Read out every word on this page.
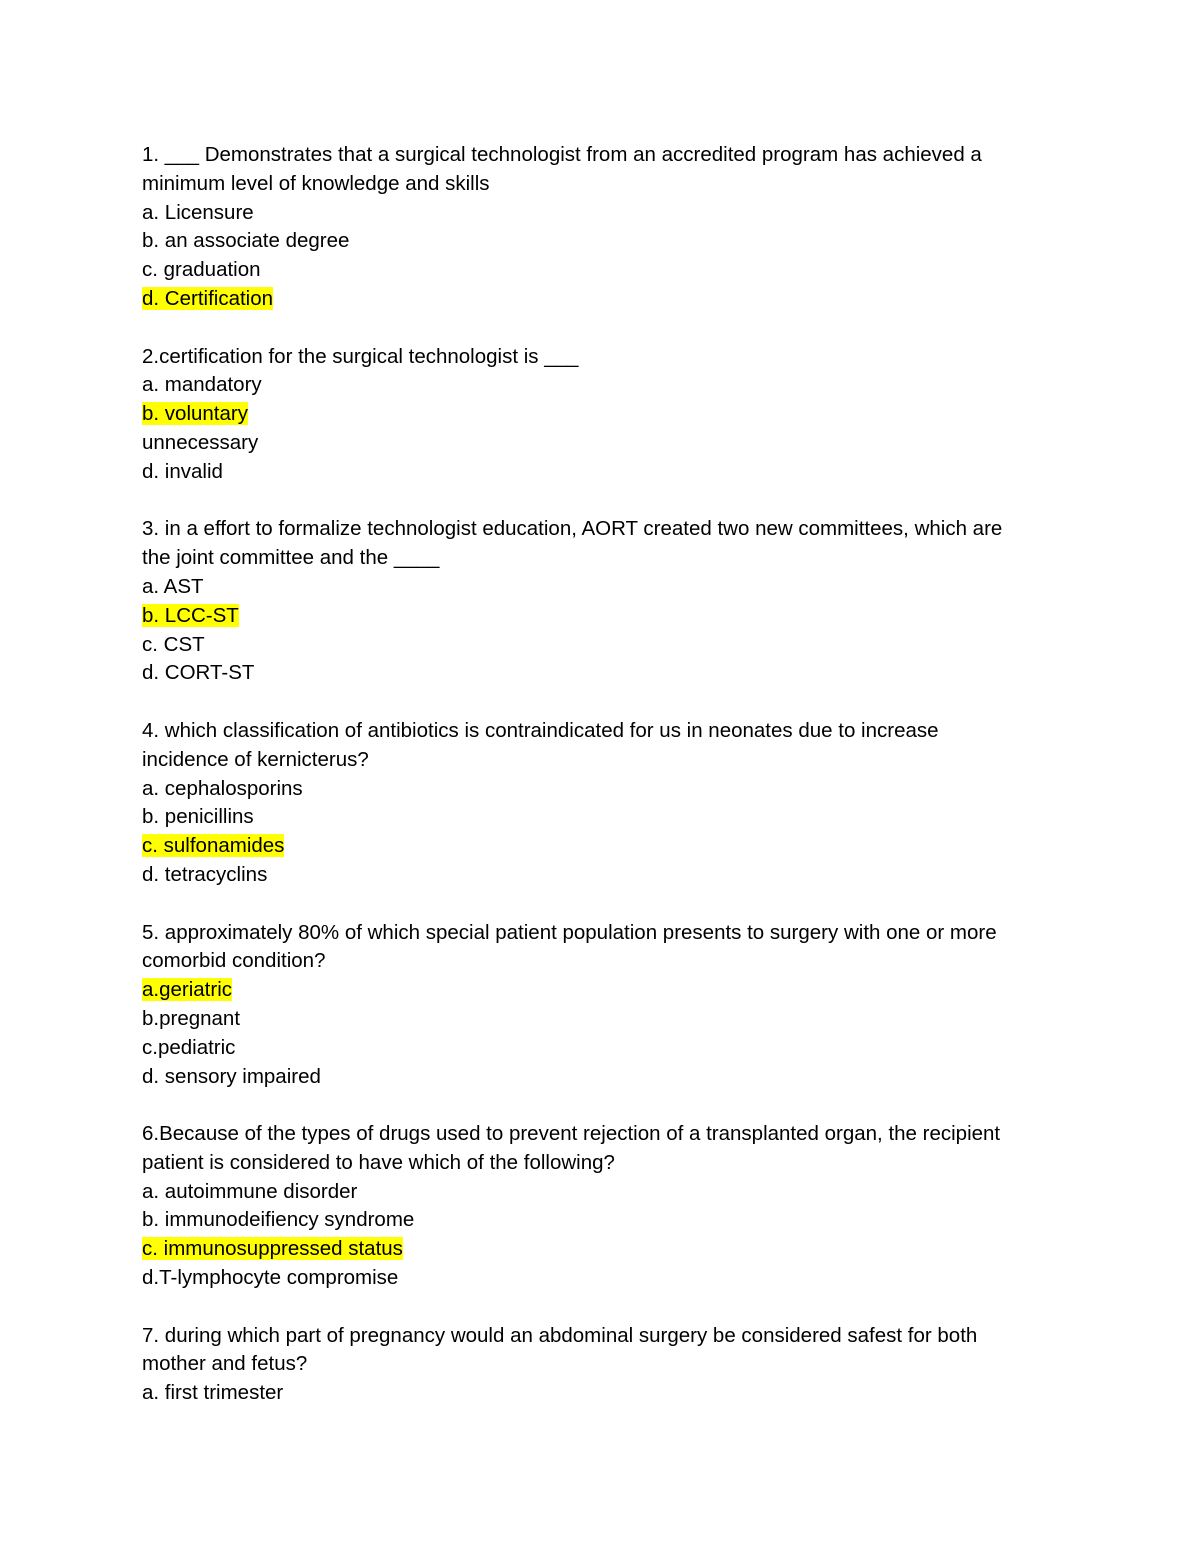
1. ___ Demonstrates that a surgical technologist from an accredited program has achieved a
minimum level of knowledge and skills
a. Licensure
b. an associate degree
c. graduation
d. Certification
2.certification for the surgical technologist is ___
a. mandatory
b. voluntary
unnecessary
d. invalid
3. in a effort to formalize technologist education, AORT created two new committees, which are
the joint committee and the ____
a. AST
b. LCC-ST
c. CST
d. CORT-ST
4. which classification of antibiotics is contraindicated for us in neonates due to increase
incidence of kernicterus?
a. cephalosporins
b. penicillins
c. sulfonamides
d. tetracyclins
5. approximately 80% of which special patient population presents to surgery with one or more
comorbid condition?
a.geriatric
b.pregnant
c.pediatric
d. sensory impaired
6.Because of the types of drugs used to prevent rejection of a transplanted organ, the recipient
patient is considered to have which of the following?
a. autoimmune disorder
b. immunodeifiency syndrome
c. immunosuppressed status
d.T-lymphocyte compromise
7. during which part of pregnancy would an abdominal surgery be considered safest for both
mother and fetus?
a. first trimester
